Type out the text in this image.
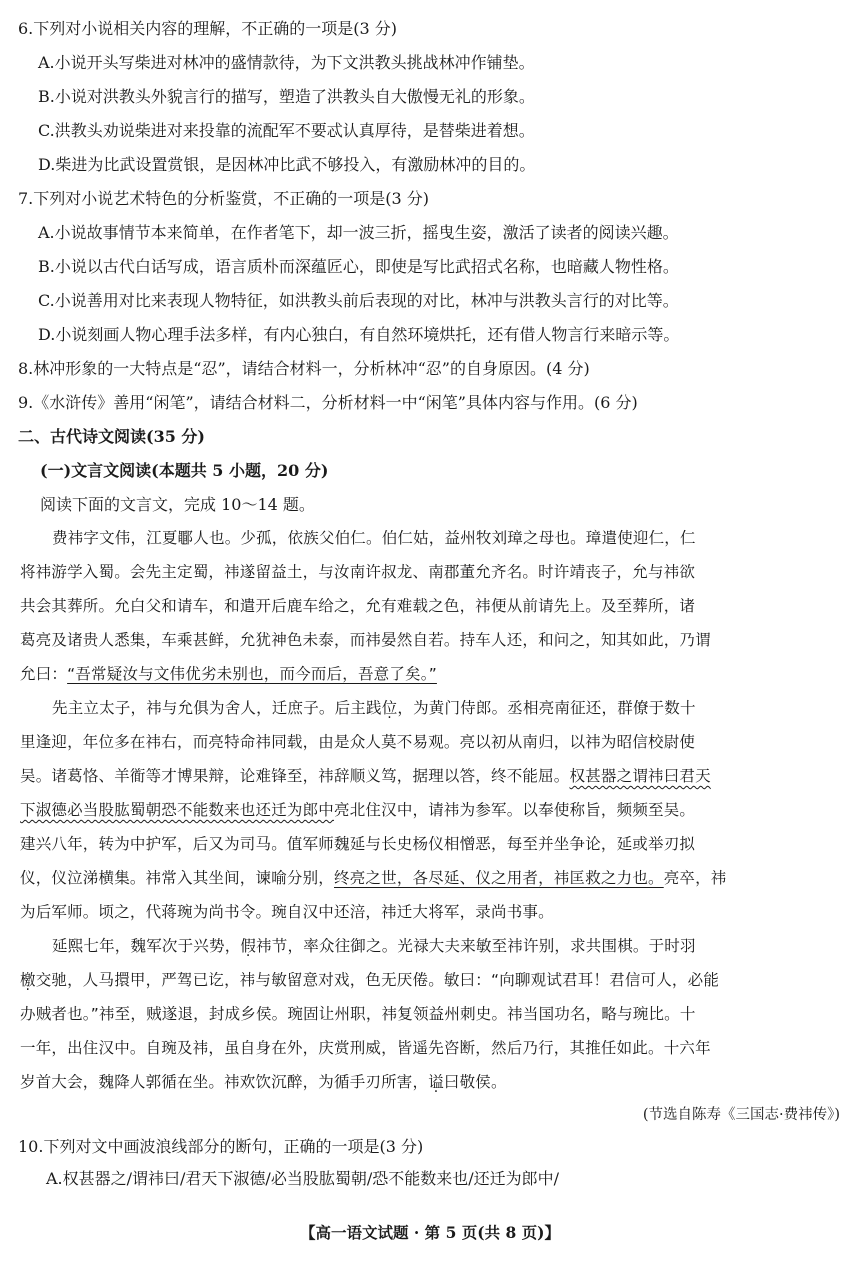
6.下列对小说相关内容的理解，不正确的一项是(3 分)
A.小说开头写柴进对林冲的盛情款待，为下文洪教头挑战林冲作铺垫。
B.小说对洪教头外貌言行的描写，塑造了洪教头自大傲慢无礼的形象。
C.洪教头劝说柴进对来投靠的流配军不要忒认真厚待，是替柴进着想。
D.柴进为比武设置赏银，是因林冲比武不够投入，有激励林冲的目的。
7.下列对小说艺术特色的分析鉴赏，不正确的一项是(3 分)
A.小说故事情节本来简单，在作者笔下，却一波三折，摇曳生姿，激活了读者的阅读兴趣。
B.小说以古代白话写成，语言质朴而深蕴匠心，即使是写比武招式名称，也暗藏人物性格。
C.小说善用对比来表现人物特征，如洪教头前后表现的对比，林冲与洪教头言行的对比等。
D.小说刻画人物心理手法多样，有内心独白，有自然环境烘托，还有借人物言行来暗示等。
8.林冲形象的一大特点是“忍”，请结合材料一，分析林冲“忍”的自身原因。(4 分)
9.《水浒传》善用“闲笔”，请结合材料二，分析材料一中“闲笔”具体内容与作用。(6 分)
二、古代诗文阅读(35 分)
(一)文言文阅读(本题共 5 小题，20 分)
阅读下面的文言文，完成 10～14 题。
费祎字文伟，江夏鄳人也。少孤，依族父伯仁。伯仁姑，益州牧刘璋之母也。璋遣使迎仁，仁
将祎游学入蜀。会先主定蜀，祎遂留益土，与汝南许叔龙、南郡董允齐名。时许靖丧子，允与祎欲
共会其葬所。允白父和请车，和遣开后鹿车给之，允有难载之色，祎便从前请先上。及至葬所，诸
葛亮及诸贵人悉集，车乘甚鲜，允犹神色未泰，而祎晏然自若。持车人还，和问之，知其如此，乃谓
允曰：“吾常疑汝与文伟优劣未别也，而今而后，吾意了矣。”
先主立太子，祎与允俱为舍人，迁庶子。后主践位，为黄门侍郎。丞相亮南征还，群僚于数十
里逢迎，年位多在祎右，而亮特命祎同载，由是众人莫不易观。亮以初从南归，以祎为昭信校尉使
吴。诸葛恪、羊衜等才博果辩，论难锋至，祎辞顺义笃，据理以答，终不能屈。权甚器之谓祎曰君天
下淑德必当股肱蜀朝恐不能数来也还迁为郎中亮北住汉中，请祎为参军。以奉使称旨，频频至吴。
建兴八年，转为中护军，后又为司马。值军师魏延与长史杨仪相憎恶，每至并坐争论，延或举刃拟
仪，仪泣涕横集。祎常入其坐间，谏喻分别，终亮之世，各尽延、仪之用者，祎匡救之力也。亮卒，祎
为后军师。顷之，代蒋琬为尚书令。琬自汉中还涪，祎迁大将军，录尚书事。
延熙七年，魏军次于兴势，假祎节，率众往御之。光禄大夫来敏至祎许别，求共围棋。于时羽
檄交驰，人马擐甲，严驾已讫，祎与敏留意对戏，色无厌倦。敏曰：“向聊观试君耳！君信可人，必能
办贼者也。”祎至，贼遂退，封成乡侯。琬固让州职，祎复领益州刺史。祎当国功名，略与琬比。十
一年，出住汉中。自琬及祎，虽自身在外，庆赏刑威，皆遥先咨断，然后乃行，其推任如此。十六年
岁首大会，魏降人郭循在坐。祎欢饮沉醉，为循手刃所害，谥曰敬侯。
(节选自陈寿《三国志·费祎传》)
10.下列对文中画波浪线部分的断句，正确的一项是(3 分)
A.权甚器之/谓祎曰/君天下淑德/必当股肱蜀朝/恐不能数来也/还迁为郎中/
【高一语文试题 · 第 5 页(共 8 页)】
